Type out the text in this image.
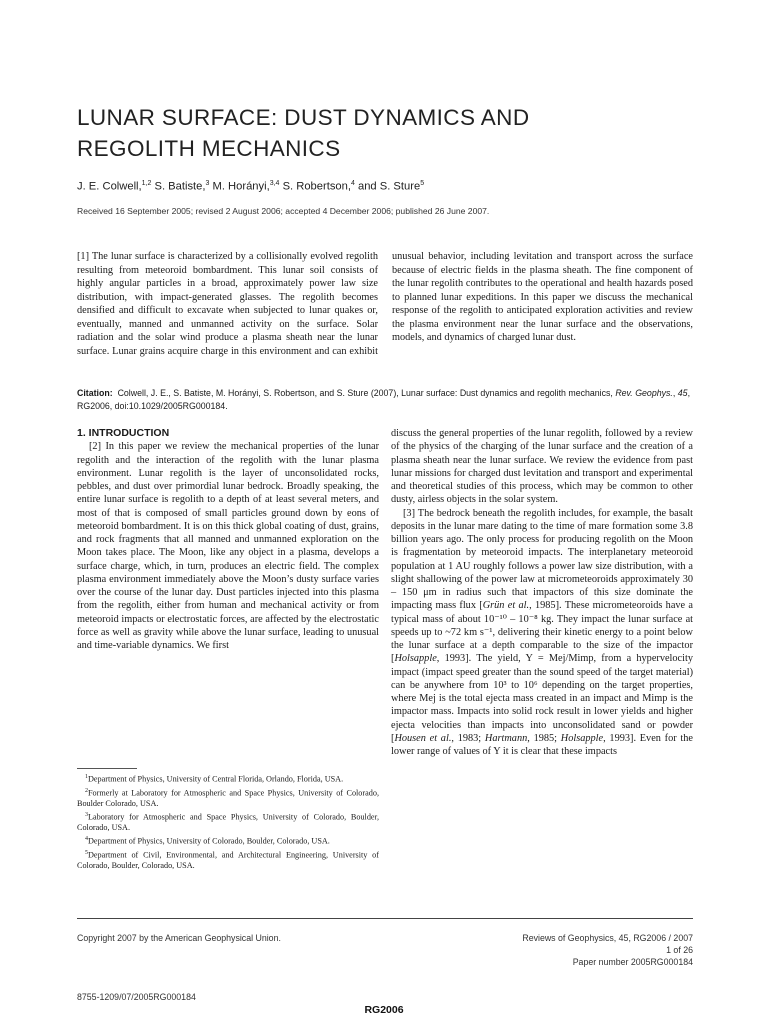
LUNAR SURFACE: DUST DYNAMICS AND
REGOLITH MECHANICS

J. E. Colwell,$^{1,2}$ S. Batiste,$^3$ M. Horányi,$^{3,4}$ S. Robertson,$^4$ and S. Sture$^5$

Received 16 September 2005; revised 2 August 2006; accepted 4 December 2006; published 26 June 2007.

[1] The lunar surface is characterized by a collisionally evolved regolith resulting from meteoroid bombardment. This lunar soil consists of highly angular particles in a broad, approximately power law size distribution, with impact-generated glasses. The regolith becomes densified and difficult to excavate when subjected to lunar quakes or, eventually, manned and unmanned activity on the surface. Solar radiation and the solar wind produce a plasma sheath near the lunar surface. Lunar grains acquire charge in this environment and can exhibit unusual behavior, including levitation and transport across the surface because of electric fields in the plasma sheath. The fine component of the lunar regolith contributes to the operational and health hazards posed to planned lunar expeditions. In this paper we discuss the mechanical response of the regolith to anticipated exploration activities and review the plasma environment near the lunar surface and the observations, models, and dynamics of charged lunar dust.

Citation: Colwell, J. E., S. Batiste, M. Horányi, S. Robertson, and S. Sture (2007), Lunar surface: Dust dynamics and regolith mechanics, Rev. Geophys., 45, RG2006, doi:10.1029/2005RG000184.

1. INTRODUCTION

[2] In this paper we review the mechanical properties of the lunar regolith and the interaction of the regolith with the lunar plasma environment. Lunar regolith is the layer of unconsolidated rocks, pebbles, and dust over primordial lunar bedrock. Broadly speaking, the entire lunar surface is regolith to a depth of at least several meters, and most of that is composed of small particles ground down by eons of meteoroid bombardment. It is on this thick global coating of dust, grains, and rock fragments that all manned and unmanned exploration on the Moon takes place. The Moon, like any object in a plasma, develops a surface charge, which, in turn, produces an electric field. The complex plasma environment immediately above the Moon’s dusty surface varies over the course of the lunar day. Dust particles injected into this plasma from the regolith, either from human and mechanical activity or from meteoroid impacts or electrostatic forces, are affected by the electrostatic force as well as gravity while above the lunar surface, leading to unusual and time-variable dynamics. We first

discuss the general properties of the lunar regolith, followed by a review of the physics of the charging of the lunar surface and the creation of a plasma sheath near the lunar surface. We review the evidence from past lunar missions for charged dust levitation and transport and experimental and theoretical studies of this process, which may be common to other dusty, airless objects in the solar system.

[3] The bedrock beneath the regolith includes, for example, the basalt deposits in the lunar mare dating to the time of mare formation some 3.8 billion years ago. The only process for producing regolith on the Moon is fragmentation by meteoroid impacts. The interplanetary meteoroid population at 1 AU roughly follows a power law size distribution, with a slight shallowing of the power law at micrometeoroids approximately 30 – 150 μm in radius such that impactors of this size dominate the impacting mass flux [Grün et al., 1985]. These micrometeoroids have a typical mass of about 10⁻¹⁰ – 10⁻⁸ kg. They impact the lunar surface at speeds up to ~72 km s⁻¹, delivering their kinetic energy to a point below the lunar surface at a depth comparable to the size of the impactor [Holsapple, 1993]. The yield, Y = Mej/Mimp, from a hypervelocity impact (impact speed greater than the sound speed of the target material) can be anywhere from 10³ to 10⁶ depending on the target properties, where Mej is the total ejecta mass created in an impact and Mimp is the impactor mass. Impacts into solid rock result in lower yields and higher ejecta velocities than impacts into unconsolidated sand or powder [Housen et al., 1983; Hartmann, 1985; Holsapple, 1993]. Even for the lower range of values of Y it is clear that these impacts

$^1$Department of Physics, University of Central Florida, Orlando, Florida, USA.

$^2$Formerly at Laboratory for Atmospheric and Space Physics, University of Colorado, Boulder Colorado, USA.

$^3$Laboratory for Atmospheric and Space Physics, University of Colorado, Boulder, Colorado, USA.

$^4$Department of Physics, University of Colorado, Boulder, Colorado, USA.

$^5$Department of Civil, Environmental, and Architectural Engineering, University of Colorado, Boulder, Colorado, USA.

Copyright 2007 by the American Geophysical Union.
8755-1209/07/2005RG000184
Reviews of Geophysics, 45, RG2006 / 2007
1 of 26
Paper number 2005RG000184
RG2006
